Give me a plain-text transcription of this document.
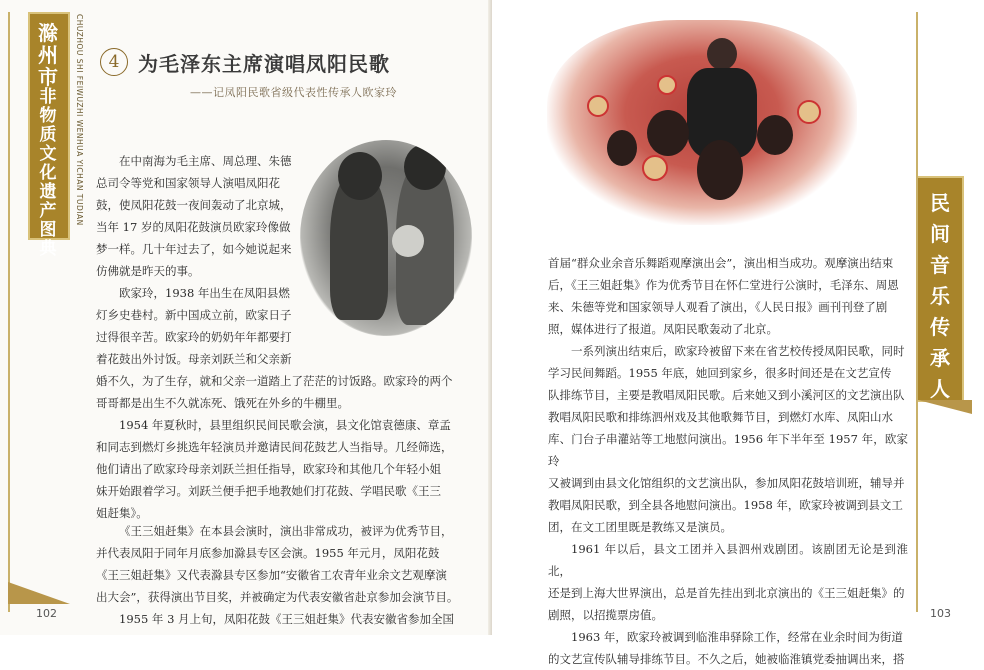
滁
州
市
非
物
质
文
化
遗
产
图
典
CHUZHOU SHI FEIWUZHI WENHUA YICHAN TUDIAN	4 为毛泽东主席演唱凤阳民歌
——记凤阳民歌省级代表性传承人欧家玲

在中南海为毛主席、周总理、朱德

总司令等党和国家领导人演唱凤阳花

鼓，使凤阳花鼓一夜间轰动了北京城，

当年 17 岁的凤阳花鼓演员欧家玲像做

梦一样。几十年过去了，如今她说起来

仿佛就是昨天的事。

欧家玲，1938 年出生在凤阳县燃

灯乡史巷村。新中国成立前，欧家日子

过得很辛苦。欧家玲的奶奶年年都要打

着花鼓出外讨饭。母亲刘跃兰和父亲新

婚不久，为了生存，就和父亲一道踏上了茫茫的讨饭路。欧家玲的两个

哥哥都是出生不久就冻死、饿死在外乡的牛棚里。

1954 年夏秋时，县里组织民间民歌会演，县文化馆袁德康、章孟

和同志到燃灯乡挑选年轻演员并邀请民间花鼓艺人当指导。几经筛选，

他们请出了欧家玲母亲刘跃兰担任指导，欧家玲和其他几个年轻小姐

妹开始跟着学习。刘跃兰便手把手地教她们打花鼓、学唱民歌《王三

姐赶集》。

《王三姐赶集》在本县会演时，演出非常成功，被评为优秀节目，

并代表凤阳于同年月底参加滁县专区会演。1955 年元月，凤阳花鼓

《王三姐赶集》又代表滁县专区参加“安徽省工农青年业余文艺观摩演

出大会”，获得演出节目奖，并被确定为代表安徽省赴京参加会演节目。

1955 年 3 月上旬，凤阳花鼓《王三姐赶集》代表安徽省参加全国

102
民
间
音
乐
传
承
人

首届“群众业余音乐舞蹈观摩演出会”，演出相当成功。观摩演出结束

后，《王三姐赶集》作为优秀节目在怀仁堂进行公演时，毛泽东、周恩

来、朱德等党和国家领导人观看了演出，《人民日报》画刊刊登了剧

照，媒体进行了报道。凤阳民歌轰动了北京。

一系列演出结束后，欧家玲被留下来在省艺校传授凤阳民歌，同时

学习民间舞蹈。1955 年底，她回到家乡，很多时间还是在文艺宣传

队排练节目，主要是教唱凤阳民歌。后来她又到小溪河区的文艺演出队

教唱凤阳民歌和排练泗州戏及其他歌舞节目，到燃灯水库、凤阳山水

库、门台子串灌站等工地慰问演出。1956 年下半年至 1957 年，欧家玲

又被调到由县文化馆组织的文艺演出队，参加凤阳花鼓培训班，辅导并

教唱凤阳民歌，到全县各地慰问演出。1958 年，欧家玲被调到县文工

团，在文工团里既是教练又是演员。

1961 年以后，县文工团并入县泗州戏剧团。该剧团无论是到淮北，

还是到上海大世界演出，总是首先挂出到北京演出的《王三姐赶集》的

剧照，以招揽票房值。

1963 年，欧家玲被调到临淮串驿除工作，经常在业余时间为街道

的文艺宣传队辅导排练节目。不久之后，她被临淮镇党委抽调出来，搭

103
